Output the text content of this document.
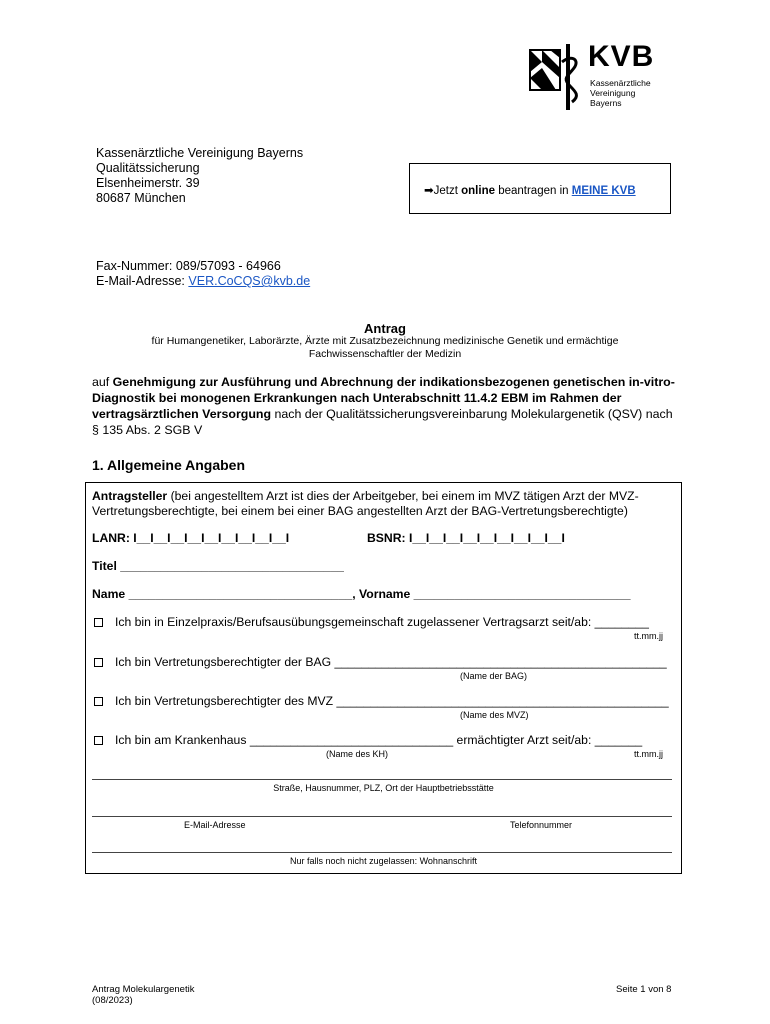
KVB
Kassenärztliche
Vereinigung
Bayerns
Kassenärztliche Vereinigung Bayerns
Qualitätssicherung
Elsenheimerstr. 39
80687 München	➡Jetzt online beantragen in MEINE KVB
Fax-Nummer: 089/57093 - 64966
E-Mail-Adresse: VER.CoCQS@kvb.de
Antrag
für Humangenetiker, Laborärzte, Ärzte mit Zusatzbezeichnung medizinische Genetik und ermächtige Fachwissenschaftler der Medizin
auf Genehmigung zur Ausführung und Abrechnung der indikationsbezogenen genetischen in-vitro-Diagnostik bei monogenen Erkrankungen nach Unterabschnitt 11.4.2 EBM im Rahmen der vertragsärztlichen Versorgung nach der Qualitätssicherungsvereinbarung Molekulargenetik (QSV) nach § 135 Abs. 2 SGB V
1. Allgemeine Angaben
Antragsteller (bei angestelltem Arzt ist dies der Arbeitgeber, bei einem im MVZ tätigen Arzt der MVZ-
Vertretungsberechtigte, bei einem bei einer BAG angestellten Arzt der BAG-Vertretungsberechtigte)
LANR: I__I__I__I__I__I__I__I__I__I	BSNR: I__I__I__I__I__I__I__I__I__I
Titel _________________________________
Name _________________________________, Vorname ________________________________
Ich bin in Einzelpraxis/Berufsausübungsgemeinschaft zugelassener Vertragsarzt seit/ab: ________
tt.mm.jj
Ich bin Vertretungsberechtigter der BAG _________________________________________________
(Name der BAG)
Ich bin Vertretungsberechtigter des MVZ _________________________________________________
(Name des MVZ)
Ich bin am Krankenhaus ______________________________ ermächtigter Arzt seit/ab: _______
(Name des KH)	tt.mm.jj
Straße, Hausnummer, PLZ, Ort der Hauptbetriebsstätte
E-Mail-Adresse	Telefonnummer
Nur falls noch nicht zugelassen: Wohnanschrift
Antrag Molekulargenetik
(08/2023)
Seite 1 von 8
